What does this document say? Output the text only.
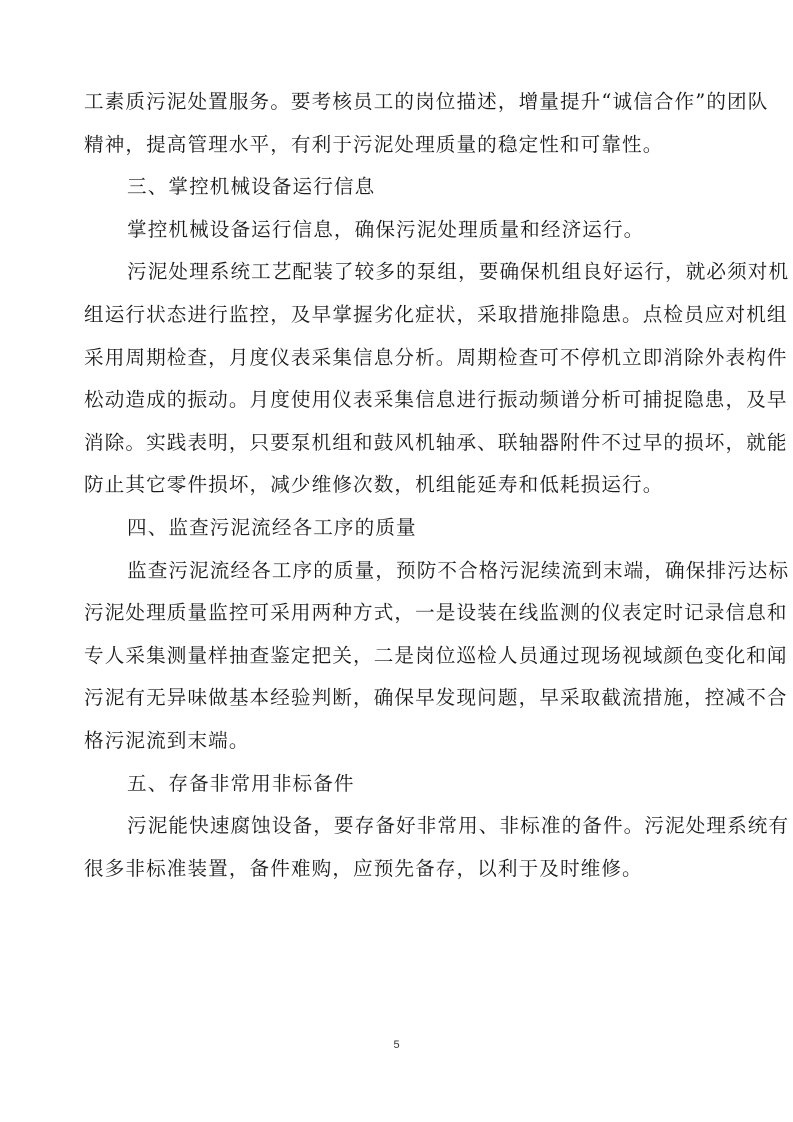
工素质污泥处置服务。要考核员工的岗位描述，增量提升“诚信合作”的团队
精神，提高管理水平，有利于污泥处理质量的稳定性和可靠性。
三、掌控机械设备运行信息
掌控机械设备运行信息，确保污泥处理质量和经济运行。
污泥处理系统工艺配装了较多的泵组，要确保机组良好运行，就必须对机
组运行状态进行监控，及早掌握劣化症状，采取措施排隐患。点检员应对机组
采用周期检查，月度仪表采集信息分析。周期检查可不停机立即消除外表构件
松动造成的振动。月度使用仪表采集信息进行振动频谱分析可捕捉隐患，及早
消除。实践表明，只要泵机组和鼓风机轴承、联轴器附件不过早的损坏，就能
防止其它零件损坏，减少维修次数，机组能延寿和低耗损运行。
四、监查污泥流经各工序的质量
监查污泥流经各工序的质量，预防不合格污泥续流到末端，确保排污达标
污泥处理质量监控可采用两种方式，一是设装在线监测的仪表定时记录信息和
专人采集测量样抽查鉴定把关，二是岗位巡检人员通过现场视域颜色变化和闻
污泥有无异味做基本经验判断，确保早发现问题，早采取截流措施，控减不合
格污泥流到末端。
五、存备非常用非标备件
污泥能快速腐蚀设备，要存备好非常用、非标准的备件。污泥处理系统有
很多非标准装置，备件难购，应预先备存，以利于及时维修。
5
